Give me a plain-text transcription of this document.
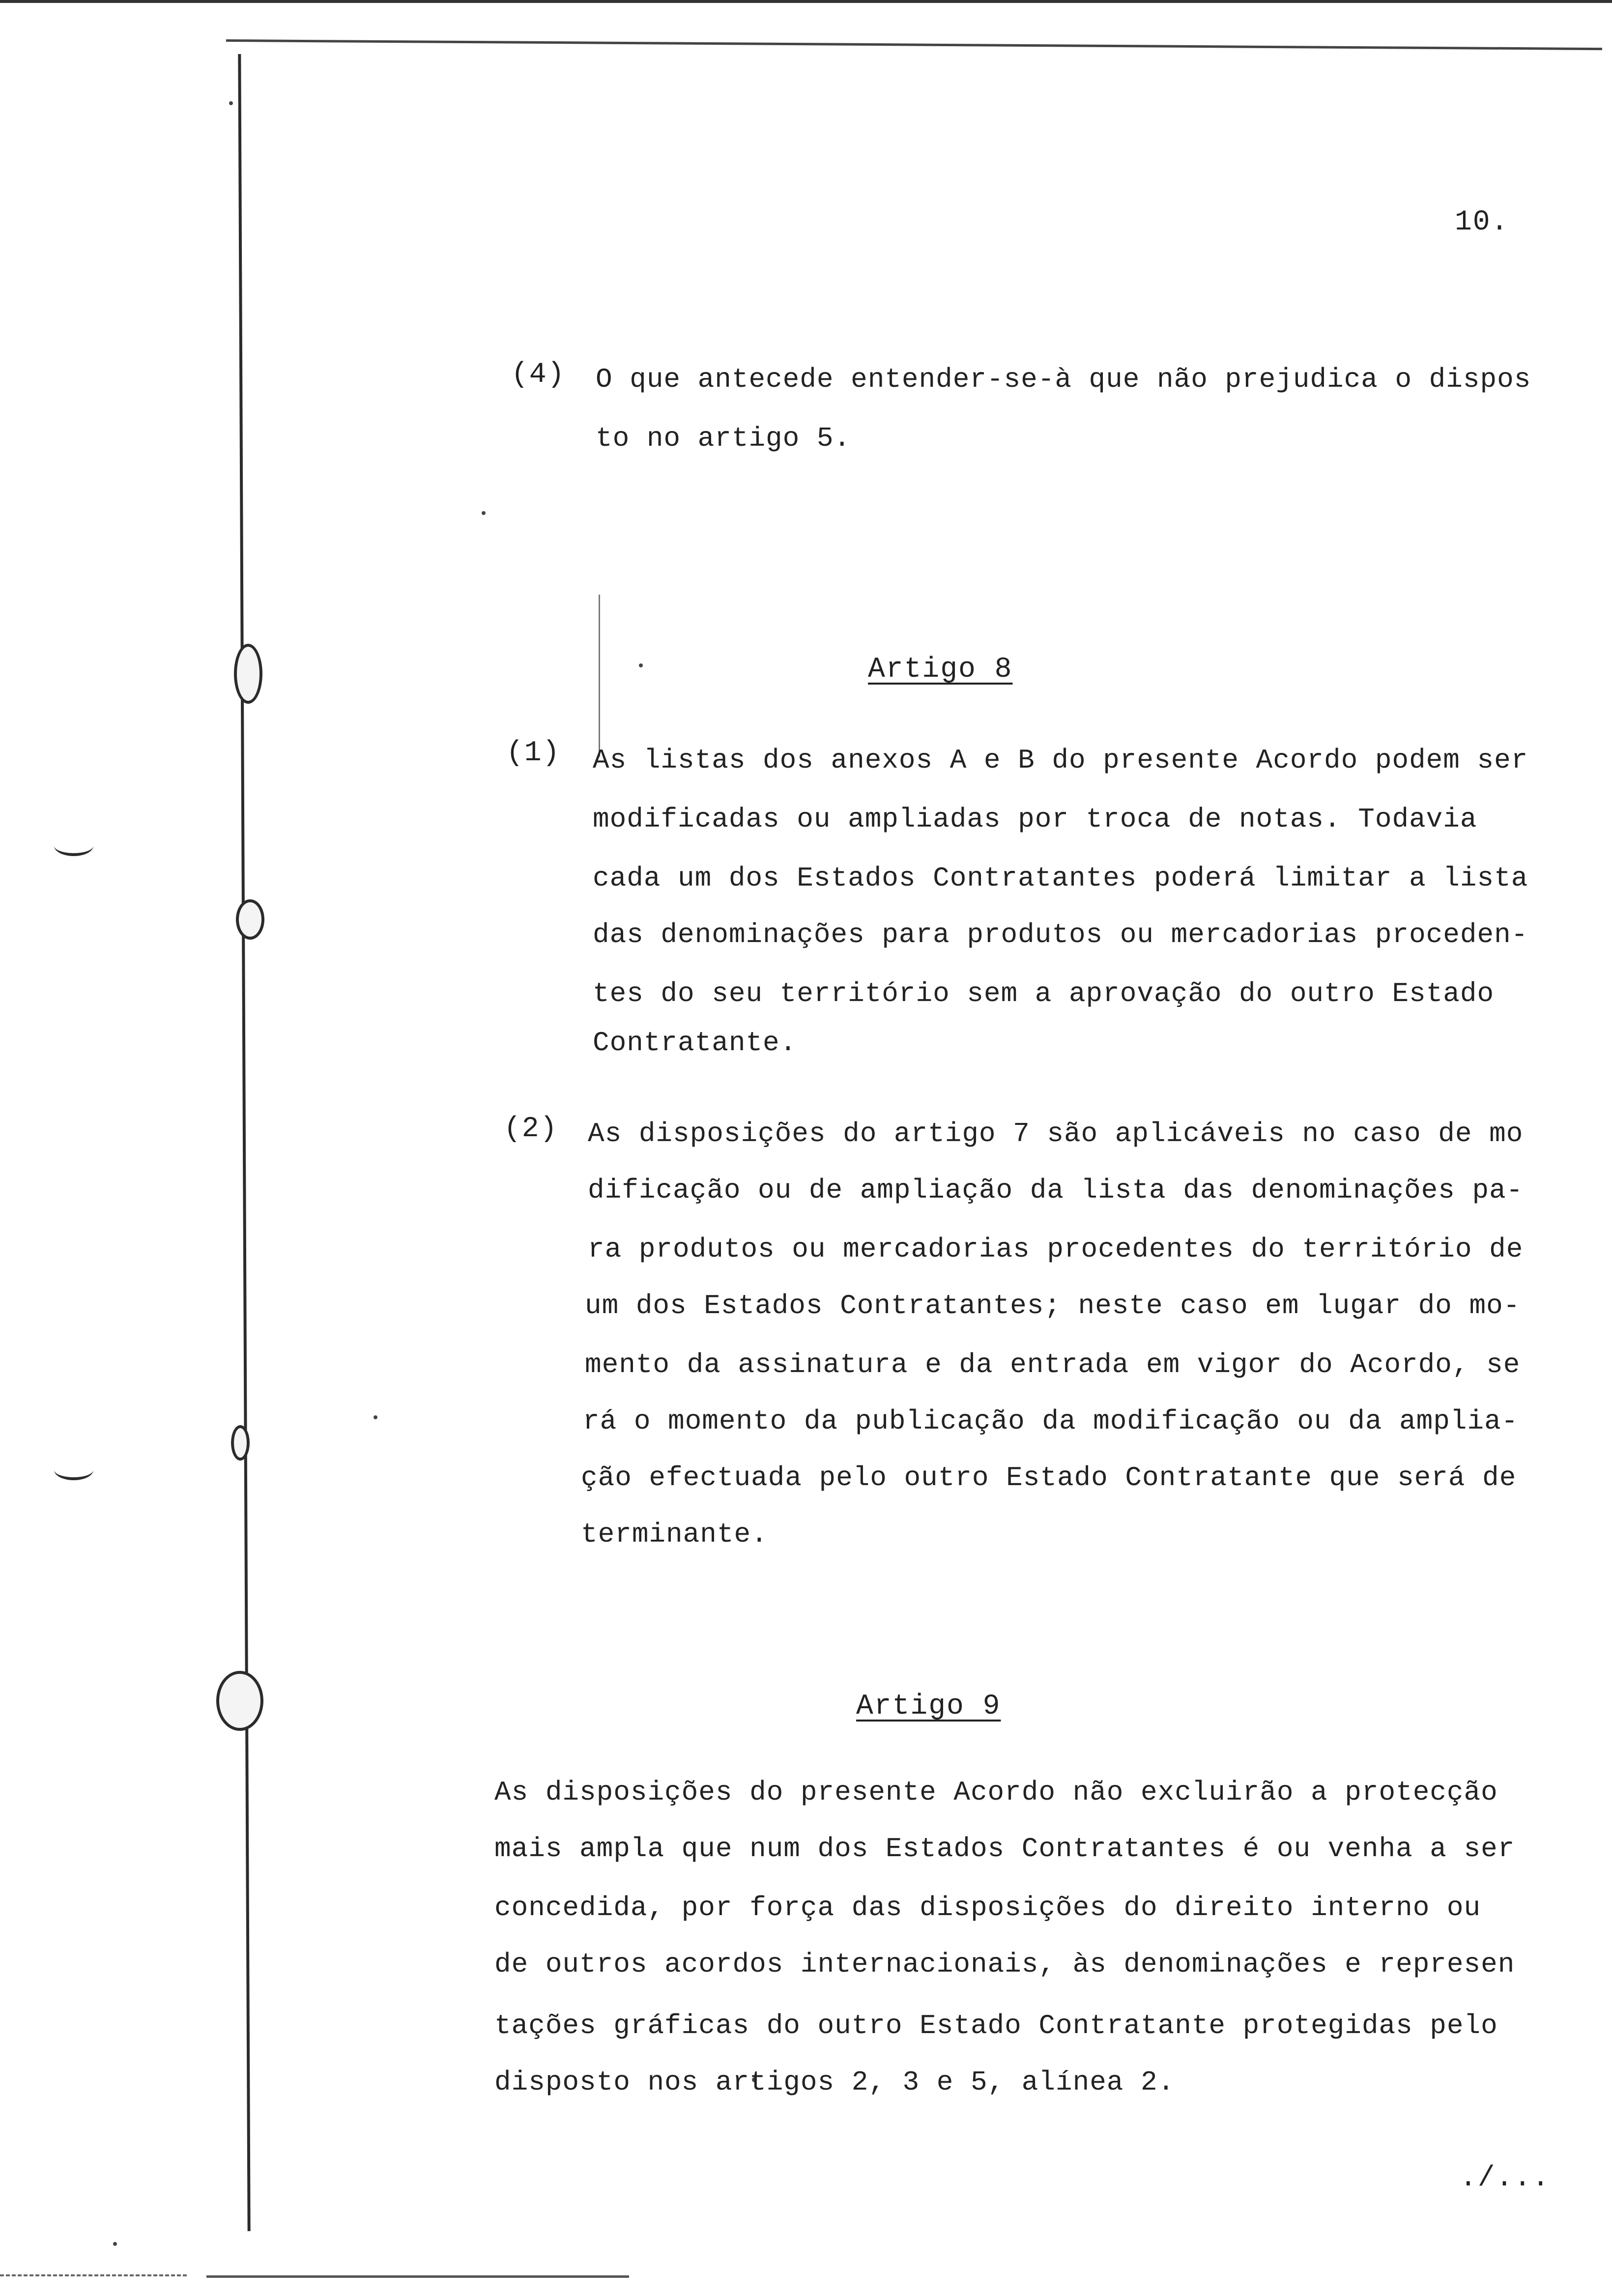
10.
(4) O que antecede entender-se-à que não prejudica o dispos
to no artigo 5.
Artigo 8
(1) As listas dos anexos A e B do presente Acordo podem ser
modificadas ou ampliadas por troca de notas. Todavia
cada um dos Estados Contratantes poderá limitar a lista
das denominações para produtos ou mercadorias proceden-
tes do seu território sem a aprovação do outro Estado
Contratante.
(2) As disposições do artigo 7 são aplicáveis no caso de mo
dificação ou de ampliação da lista das denominações pa-
ra produtos ou mercadorias procedentes do território de
um dos Estados Contratantes; neste caso em lugar do mo-
mento da assinatura e da entrada em vigor do Acordo, se
rá o momento da publicação da modificação ou da amplia-
ção efectuada pelo outro Estado Contratante que será de
terminante.
Artigo 9
As disposições do presente Acordo não excluirão a protecção
mais ampla que num dos Estados Contratantes é ou venha a ser
concedida, por força das disposições do direito interno ou
de outros acordos internacionais, às denominações e represen
tações gráficas do outro Estado Contratante protegidas pelo
disposto nos artigos 2, 3 e 5, alínea 2.
./...
